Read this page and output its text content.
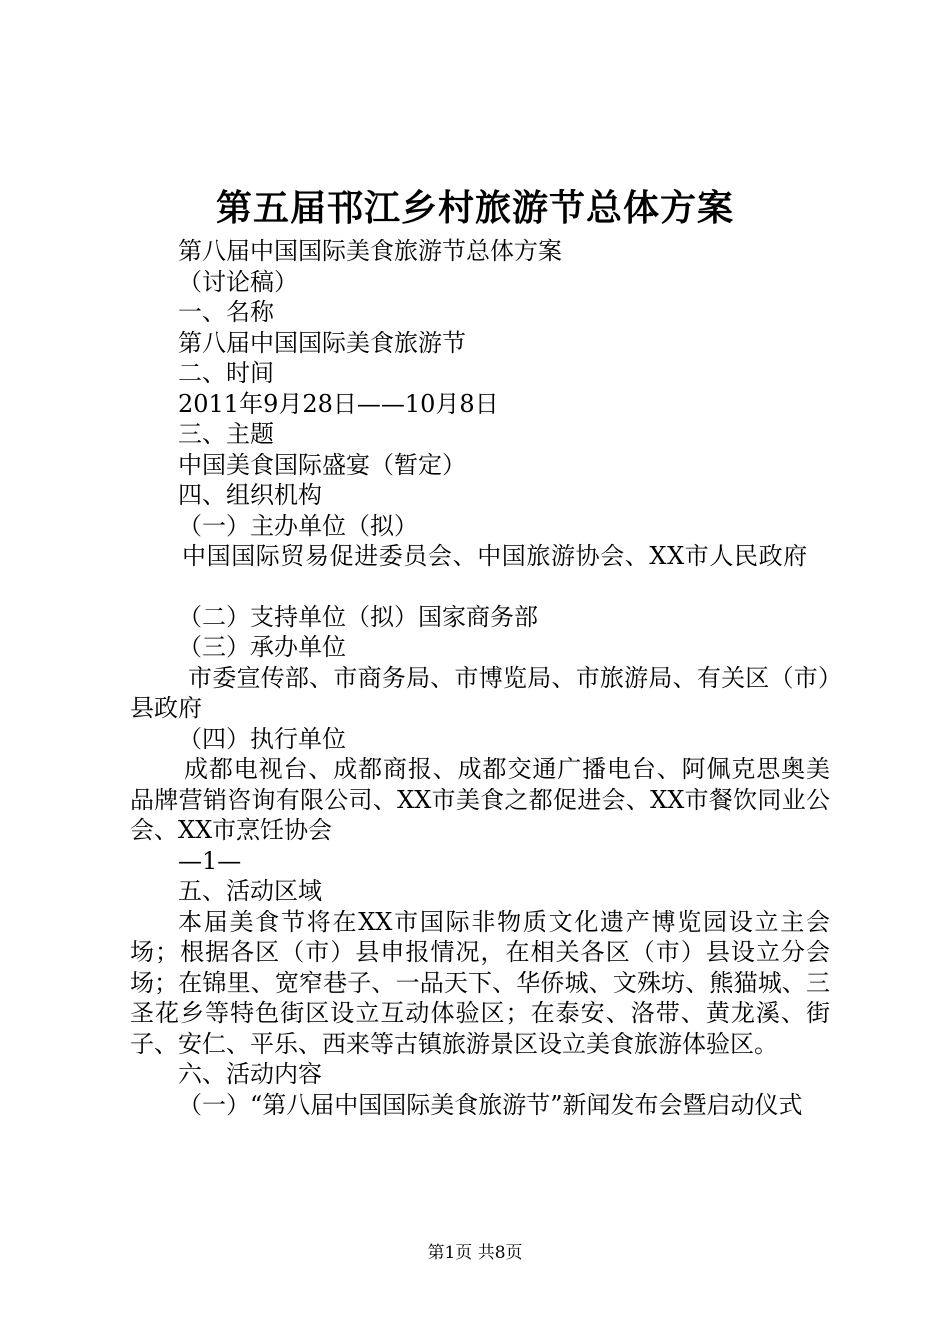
第五届邗江乡村旅游节总体方案

第八届中国国际美食旅游节总体方案

（讨论稿）

一、名称

第八届中国国际美食旅游节

二、时间

2011年9月28日——10月8日

三、主题

中国美食国际盛宴（暂定）

四、组织机构

（一）主办单位（拟）

中国国际贸易促进委员会、中国旅游协会、XX市人民政府

（二）支持单位（拟）国家商务部

（三）承办单位

市委宣传部、市商务局、市博览局、市旅游局、有关区（市）县政府

（四）执行单位

成都电视台、成都商报、成都交通广播电台、阿佩克思奥美品牌营销咨询有限公司、XX市美食之都促进会、XX市餐饮同业公会、XX市烹饪协会

—1—

五、活动区域

本届美食节将在XX市国际非物质文化遗产博览园设立主会场；根据各区（市）县申报情况，在相关各区（市）县设立分会场；在锦里、宽窄巷子、一品天下、华侨城、文殊坊、熊猫城、三圣花乡等特色街区设立互动体验区；在泰安、洛带、黄龙溪、街子、安仁、平乐、西来等古镇旅游景区设立美食旅游体验区。

六、活动内容

（一）“第八届中国国际美食旅游节”新闻发布会暨启动仪式

第1页 共8页
